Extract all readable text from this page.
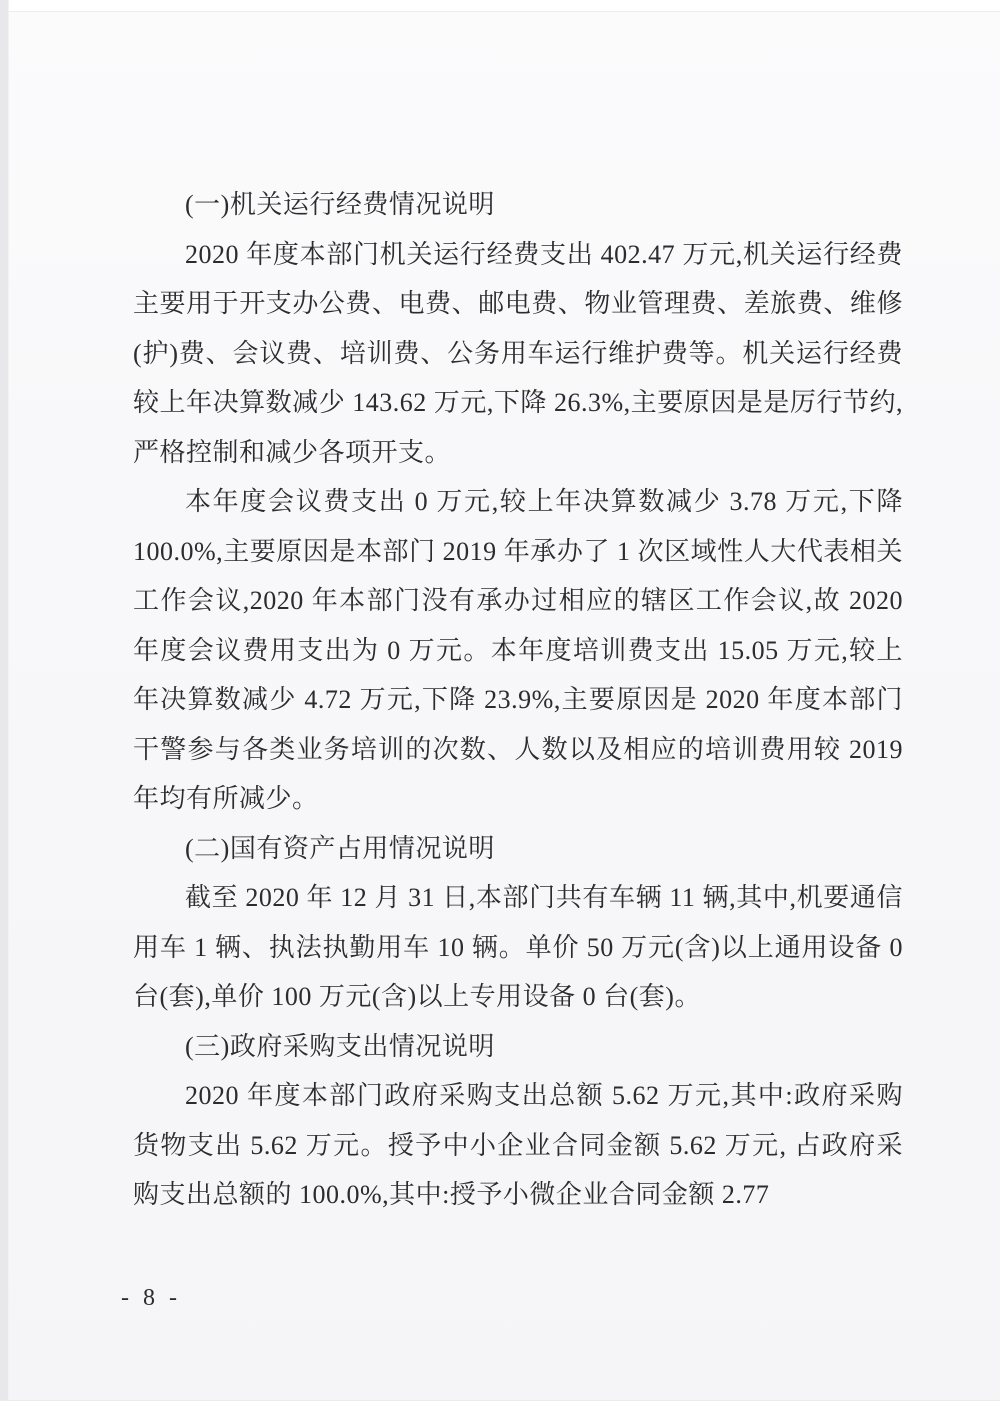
(一)机关运行经费情况说明

2020 年度本部门机关运行经费支出 402.47 万元,机关运行经费主要用于开支办公费、电费、邮电费、物业管理费、差旅费、维修(护)费、会议费、培训费、公务用车运行维护费等。机关运行经费较上年决算数减少 143.62 万元,下降 26.3%,主要原因是是厉行节约,严格控制和减少各项开支。

本年度会议费支出 0 万元,较上年决算数减少 3.78 万元,下降 100.0%,主要原因是本部门 2019 年承办了 1 次区域性人大代表相关工作会议,2020 年本部门没有承办过相应的辖区工作会议,故 2020 年度会议费用支出为 0 万元。本年度培训费支出 15.05 万元,较上年决算数减少 4.72 万元,下降 23.9%,主要原因是 2020 年度本部门干警参与各类业务培训的次数、人数以及相应的培训费用较 2019 年均有所减少。

(二)国有资产占用情况说明

截至 2020 年 12 月 31 日,本部门共有车辆 11 辆,其中,机要通信用车 1 辆、执法执勤用车 10 辆。单价 50 万元(含)以上通用设备 0 台(套),单价 100 万元(含)以上专用设备 0 台(套)。

(三)政府采购支出情况说明

2020 年度本部门政府采购支出总额 5.62 万元,其中:政府采购货物支出 5.62 万元。授予中小企业合同金额 5.62 万元, 占政府采购支出总额的 100.0%,其中:授予小微企业合同金额 2.77

- 8 -
